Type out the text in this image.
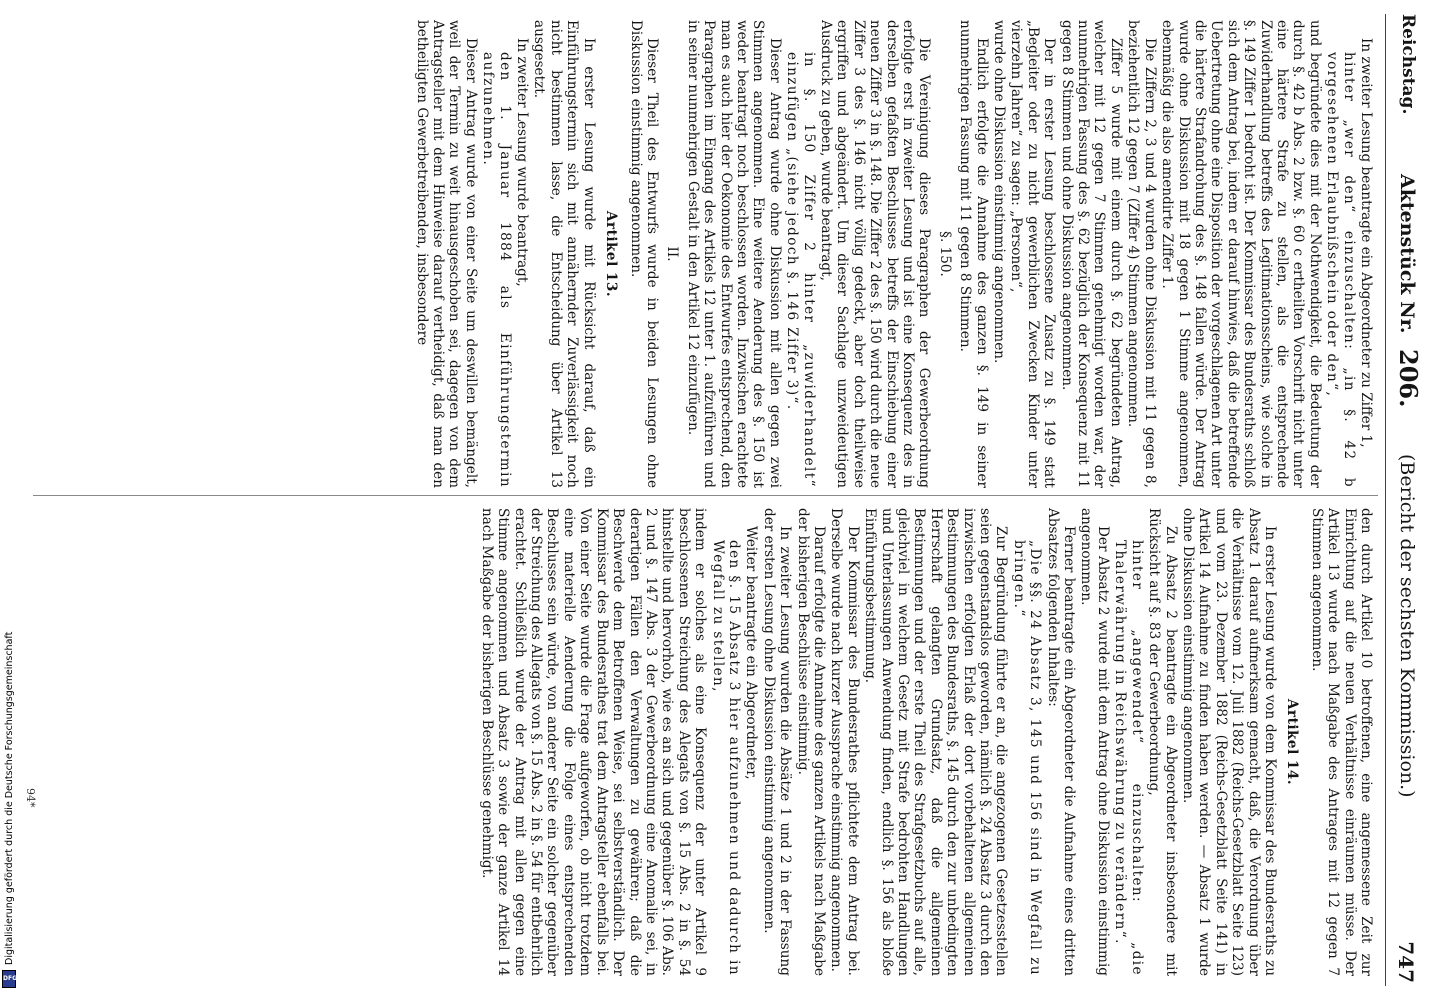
Digitalisierung gefördert durch die Deutsche Forschungsgemeinschaft
DFG
Reichstag.
Aktenstück Nr.
206.
(Bericht der sechsten Kommission.)
747

In zweiter Lesung beantragte ein Abgeordneter zu Ziffer 1,

hinter „wer den“ einzuschalten: „in §. 42 b vorgesehenen Erlaubnißschein oder den“,

und begründete dies mit der Nothwendigkeit, die Bedeutung der durch §. 42 b Abs. 2 bzw. §. 60 c ertheilten Vorschrift nicht unter eine härtere Strafe zu stellen, als die entsprechende Zuwiderhandlung betreffs des Legitimationsscheins, wie solche in §. 149 Ziffer 1 bedroht ist. Der Kommissar des Bundesraths schloß sich dem Antrag bei, indem er darauf hinwies, daß die betreffende Uebertretung ohne eine Disposition der vorgeschlagenen Art unter die härtere Strafandrohung des §. 148 fallen würde. Der Antrag wurde ohne Diskussion mit 18 gegen 1 Stimme angenommen, ebenmäßig die also amendirte Ziffer 1.

Die Ziffern 2, 3 und 4 wurden ohne Diskussion mit 11 gegen 8, beziehentlich 12 gegen 7 (Ziffer 4) Stimmen angenommen.

Ziffer 5 wurde mit einem durch §. 62 begründeten Antrag, welcher mit 12 gegen 7 Stimmen genehmigt worden war, der nunmehrigen Fassung des §. 62 bezüglich der Konsequenz mit 11 gegen 8 Stimmen und ohne Diskussion angenommen.

Der in erster Lesung beschlossene Zusatz zu §. 149 statt „Begleiter oder zu nicht gewerblichen Zwecken Kinder unter vierzehn Jahren“ zu sagen: „Personen“,

wurde ohne Diskussion einstimmig angenommen.

Endlich erfolgte die Annahme des ganzen §. 149 in seiner nunmehrigen Fassung mit 11 gegen 8 Stimmen.

§. 150.

Die Vereinigung dieses Paragraphen der Gewerbeordnung erfolgte erst in zweiter Lesung und ist eine Konsequenz des in derselben gefaßten Beschlusses betreffs der Einschiebung einer neuen Ziffer 3 in §. 148. Die Ziffer 2 des §. 150 wird durch die neue Ziffer 3 des §. 146 nicht völlig gedeckt, aber doch theilweise ergriffen und abgeändert. Um dieser Sachlage unzweideutigen Ausdruck zu geben, wurde beantragt,

in §. 150 Ziffer 2 hinter „zuwiderhandelt“ einzufügen „(siehe jedoch §. 146 Ziffer 3)“.

Dieser Antrag wurde ohne Diskussion mit allen gegen zwei Stimmen angenommen. Eine weitere Aenderung des §. 150 ist weder beantragt noch beschlossen worden. Inzwischen erachtete man es auch hier der Oekonomie des Entwurfes entsprechend, den Paragraphen im Eingang des Artikels 12 unter 1. aufzuführen und in seiner nunmehrigen Gestalt in den Artikel 12 einzufügen.

II.

Dieser Theil des Entwurfs wurde in beiden Lesungen ohne Diskussion einstimmig angenommen.

Artikel 13.

In erster Lesung wurde mit Rücksicht darauf, daß ein Einführungstermin sich mit annähernder Zuverlässigkeit noch nicht bestimmen lasse, die Entscheidung über Artikel 13 ausgesetzt.

In zweiter Lesung wurde beantragt,

den 1. Januar 1884 als Einführungstermin aufzunehmen.

Dieser Antrag wurde von einer Seite um deswillen bemängelt, weil der Termin zu weit hinausgeschoben sei, dagegen von dem Antragsteller mit dem Hinweise darauf vertheidigt, daß man den betheiligten Gewerbetreibenden, insbesondere

den durch Artikel 10 betroffenen, eine angemessene Zeit zur Einrichtung auf die neuen Verhältnisse einräumen müsse. Der Artikel 13 wurde nach Maßgabe des Antrages mit 12 gegen 7 Stimmen angenommen.

Artikel 14.

In erster Lesung wurde von dem Kommissar des Bundesraths zu Absatz 1 darauf aufmerksam gemacht, daß, die Verordnung über die Verhältnisse vom 12. Juli 1882 (Reichs-Gesetzblatt Seite 123) und vom 23. Dezember 1882 (Reichs-Gesetzblatt Seite 141) in Artikel 14 Aufnahme zu finden haben werden. — Absatz 1 wurde ohne Diskussion einstimmig angenommen.

Zu Absatz 2 beantragte ein Abgeordneter insbesondere mit Rücksicht auf §. 83 der Gewerbeordnung,

hinter „angewendet“ einzuschalten: „die Thalerwährung in Reichswährung zu verändern“.

Der Absatz 2 wurde mit dem Antrag ohne Diskussion einstimmig angenommen.

Ferner beantragte ein Abgeordneter die Aufnahme eines dritten Absatzes folgenden Inhaltes:

„Die §§. 24 Absatz 3, 145 und 156 sind in Wegfall zu bringen.“

Zur Begründung führte er an, die angezogenen Gesetzesstellen seien gegenstandslos geworden, nämlich §. 24 Absatz 3 durch den inzwischen erfolgten Erlaß der dort vorbehaltenen allgemeinen Bestimmungen des Bundesraths, §. 145 durch den zur unbedingten Herrschaft gelangten Grundsatz, daß die allgemeinen Bestimmungen und der erste Theil des Strafgesetzbuchs auf alle, gleichviel in welchem Gesetz mit Strafe bedrohten Handlungen und Unterlassungen Anwendung finden, endlich §. 156 als bloße Einführungsbestimmung.

Der Kommissar des Bundesrathes pflichtete dem Antrag bei. Derselbe wurde nach kurzer Aussprache einstimmig angenommen.

Darauf erfolgte die Annahme des ganzen Artikels nach Maßgabe der bisherigen Beschlüsse einstimmig.

In zweiter Lesung wurden die Absätze 1 und 2 in der Fassung der ersten Lesung ohne Diskussion einstimmig angenommen.

Weiter beantragte ein Abgeordneter,

den §. 15 Absatz 3 hier aufzunehmen und dadurch in Wegfall zu stellen,

indem er solches als eine Konsequenz der unter Artikel 9 beschlossenen Streichung des Alegats von §. 15 Abs. 2 in §. 54 hinstellte und hervorhob, wie es an sich und gegenüber §. 106 Abs. 2 und §. 147 Abs. 3 der Gewerbeordnung eine Anomalie sei, in derartigen Fällen den Verwaltungen zu gewähren; daß die Beschwerde dem Betroffenen Weise, sei selbstverständlich. Der Kommissar des Bundesrathes trat dem Antragsteller ebenfalls bei. Von einer Seite wurde die Frage aufgeworfen, ob nicht trotzdem eine materielle Aenderung die Folge eines entsprechenden Beschlusses sein würde, von anderer Seite ein solcher gegenüber der Streichung des Allegats von §. 15 Abs. 2 in §. 54 für entbehrlich erachtet. Schließlich wurde der Antrag mit allen gegen eine Stimme angenommen und Absatz 3 sowie der ganze Artikel 14 nach Maßgabe der bisherigen Beschlüsse genehmigt.

94*
